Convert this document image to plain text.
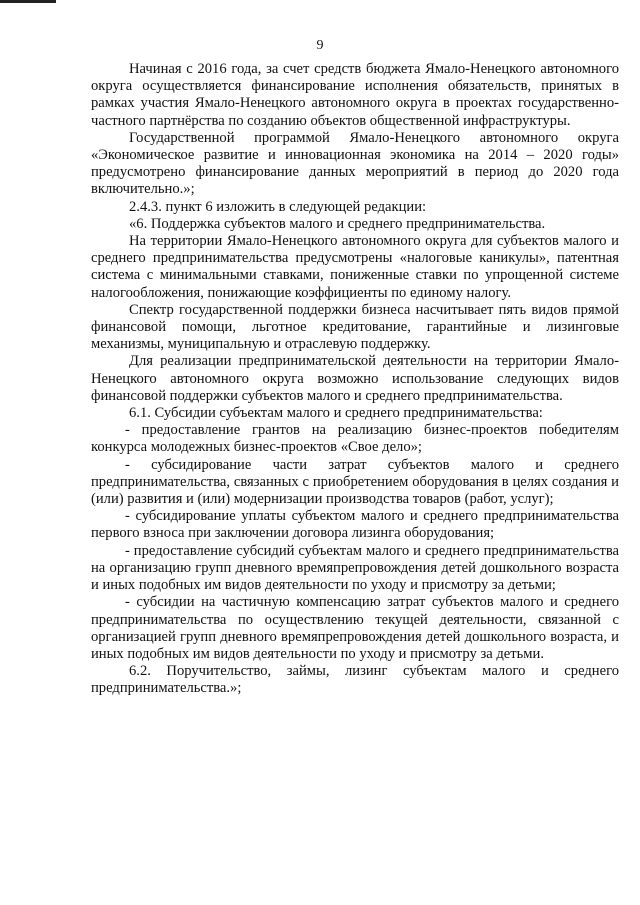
9

Начиная с 2016 года, за счет средств бюджета Ямало-Ненецкого автономного округа осуществляется финансирование исполнения обязательств, принятых в рамках участия Ямало-Ненецкого автономного округа в проектах государственно-частного партнёрства по созданию объектов общественной инфраструктуры.

Государственной программой Ямало-Ненецкого автономного округа «Экономическое развитие и инновационная экономика на 2014 – 2020 годы» предусмотрено финансирование данных мероприятий в период до 2020 года включительно.»;

2.4.3. пункт 6 изложить в следующей редакции:

«6. Поддержка субъектов малого и среднего предпринимательства.

На территории Ямало-Ненецкого автономного округа для субъектов малого и среднего предпринимательства предусмотрены «налоговые каникулы», патентная система с минимальными ставками, пониженные ставки по упрощенной системе налогообложения, понижающие коэффициенты по единому налогу.

Спектр государственной поддержки бизнеса насчитывает пять видов прямой финансовой помощи, льготное кредитование, гарантийные и лизинговые механизмы, муниципальную и отраслевую поддержку.

Для реализации предпринимательской деятельности на территории Ямало-Ненецкого автономного округа возможно использование следующих видов финансовой поддержки субъектов малого и среднего предпринимательства.

6.1. Субсидии субъектам малого и среднего предпринимательства:

- предоставление грантов на реализацию бизнес-проектов победителям конкурса молодежных бизнес-проектов «Свое дело»;

- субсидирование части затрат субъектов малого и среднего предпринимательства, связанных с приобретением оборудования в целях создания и (или) развития и (или) модернизации производства товаров (работ, услуг);

- субсидирование уплаты субъектом малого и среднего предпринимательства первого взноса при заключении договора лизинга оборудования;

- предоставление субсидий субъектам малого и среднего предпринимательства на организацию групп дневного времяпрепровождения детей дошкольного возраста и иных подобных им видов деятельности по уходу и присмотру за детьми;

- субсидии на частичную компенсацию затрат субъектов малого и среднего предпринимательства по осуществлению текущей деятельности, связанной с организацией групп дневного времяпрепровождения детей дошкольного возраста, и иных подобных им видов деятельности по уходу и присмотру за детьми.

6.2. Поручительство, займы, лизинг субъектам малого и среднего предпринимательства.»;
